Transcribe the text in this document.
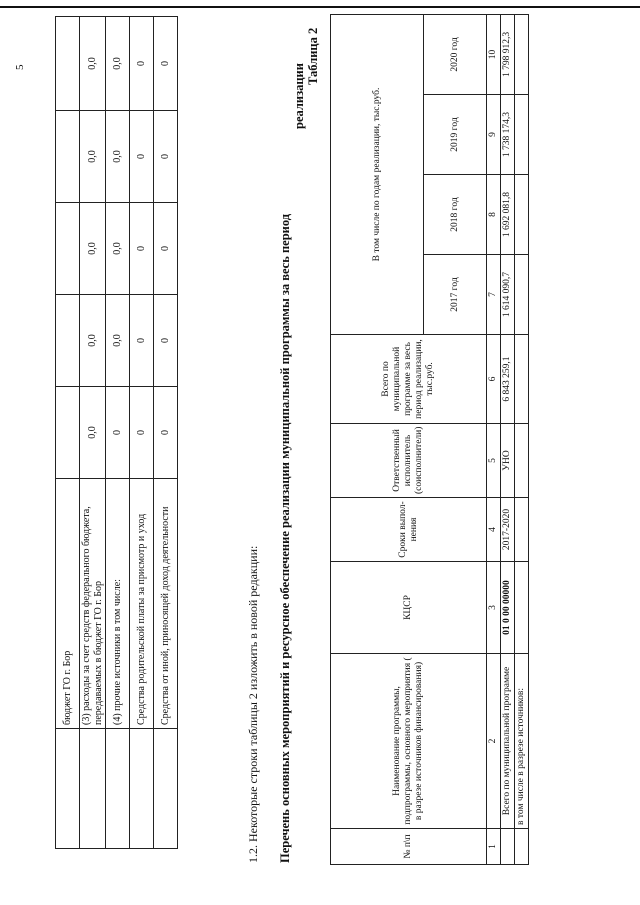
5
	бюджет ГО г. Бор					
	(3) расходы за счет средств федерального бюджета, передаваемых в бюджет ГО г. Бор	0,0	0,0	0,0	0,0	0,0
	(4) прочие источники в том числе:	0	0,0	0,0	0,0	0,0
	Средства родительской платы за присмотр и уход	0	0	0	0	0
	Средства от иной, приносящей доход деятельности	0	0	0	0	0
1.2. Некоторые строки таблицы 2 изложить в новой редакции: Перечень основных мероприятий и ресурсное обеспечение реализации муниципальной программы за весь период
реализации
Таблица 2
№ п\п	Наименование программы, подпрограммы, основного мероприятия ( в разрезе источников финансирования)	КЦСР	Сроки выпол-нения	Ответственный исполнитель (соисполнители)	Всего по муниципальной программе за весь период реализации, тыс.руб.	В том числе по годам реализации, тыс.руб.			
						2017 год	2018 год	2019 год	2020 год
1	2	3	4	5	6	7	8	9	10
	Всего по муниципальной программе	01 0 00 00000	2017-2020	УНО	6 843 259,1	1 614 090,7	1 692 081,8	1 738 174,3	1 798 912,3
	в том числе в разрезе источников:								
